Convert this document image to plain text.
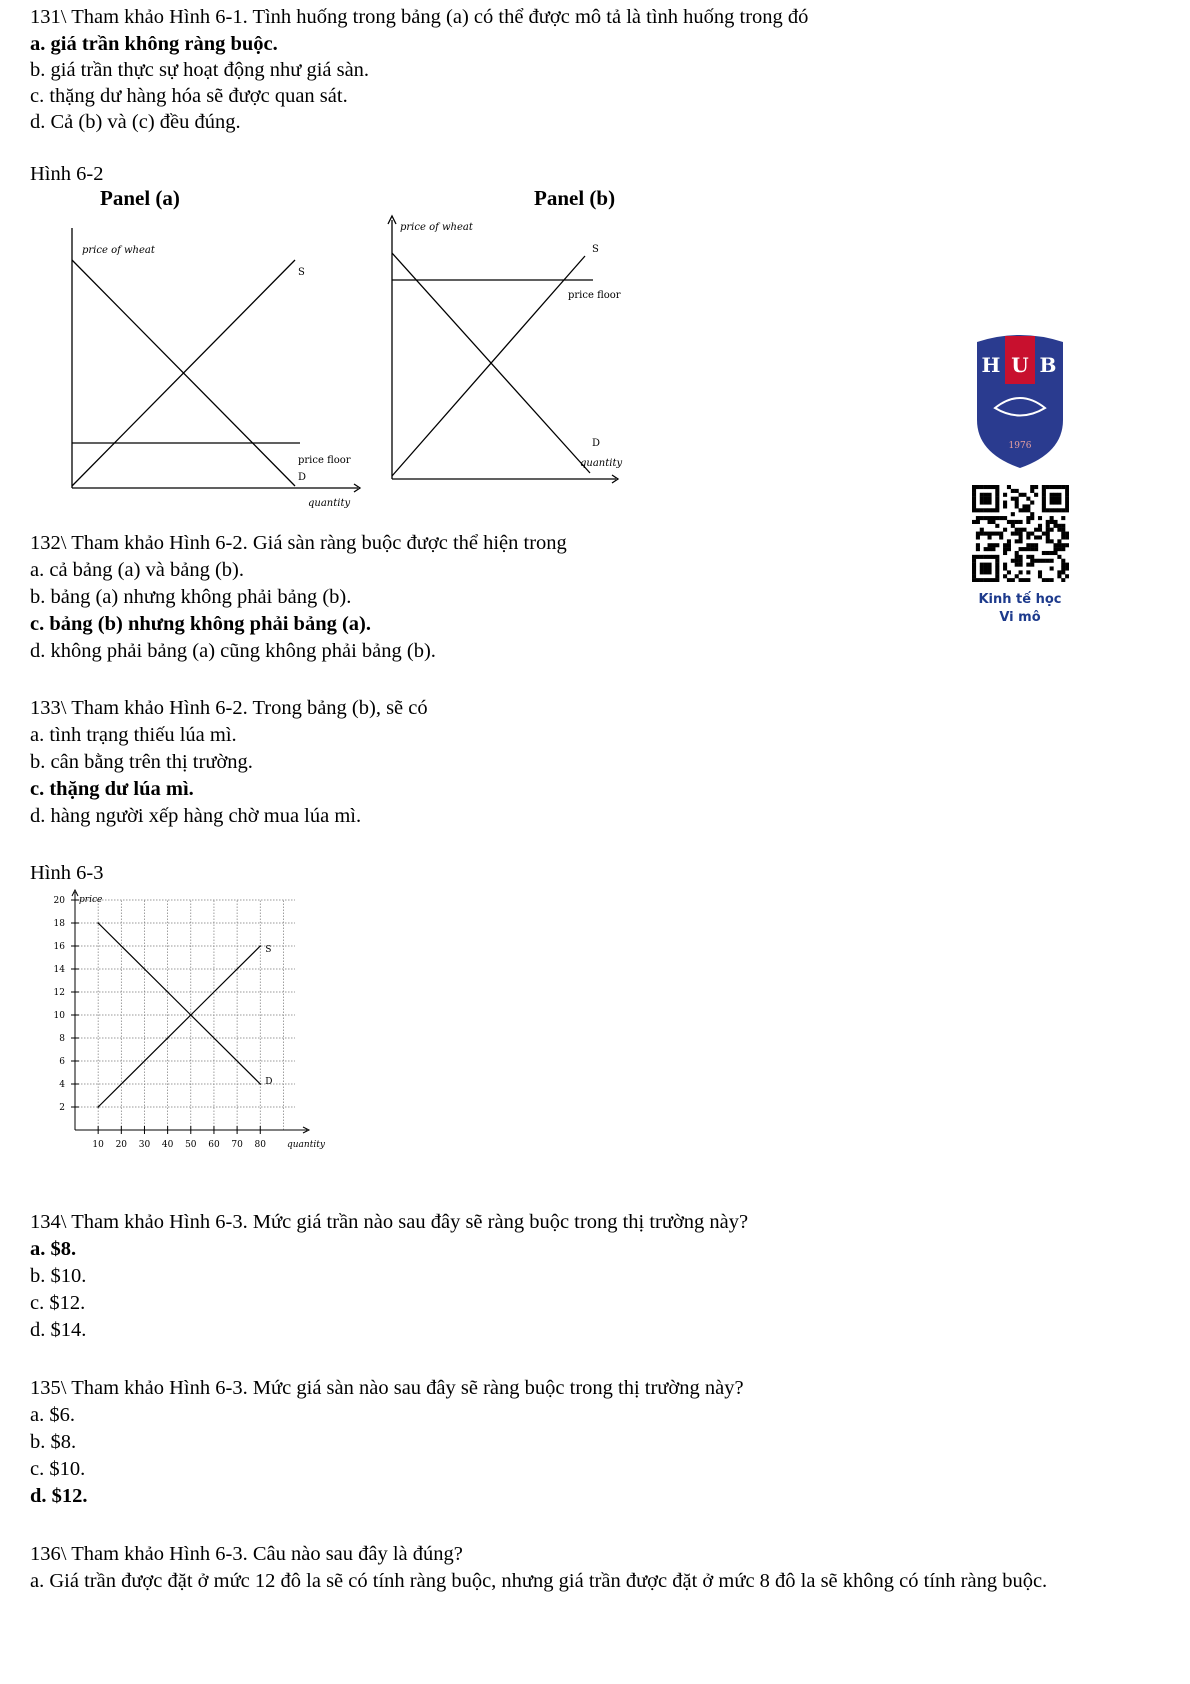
131\ Tham khảo Hình 6-1. Tình huống trong bảng (a) có thể được mô tả là tình huống trong đó

a. giá trần không ràng buộc.

b. giá trần thực sự hoạt động như giá sàn.

c. thặng dư hàng hóa sẽ được quan sát.

d. Cả (b) và (c) đều đúng.

Hình 6-2

Panel (a)	Panel (b)
price of wheat
S
price floor
D
quantity
price of wheat
S
price floor
D
quantity
H U B
1976
Kinh tế học
Vi mô

132\ Tham khảo Hình 6-2. Giá sàn ràng buộc được thể hiện trong

a. cả bảng (a) và bảng (b).

b. bảng (a) nhưng không phải bảng (b).

c. bảng (b) nhưng không phải bảng (a).

d. không phải bảng (a) cũng không phải bảng (b).

133\ Tham khảo Hình 6-2. Trong bảng (b), sẽ có

a. tình trạng thiếu lúa mì.

b. cân bằng trên thị trường.

c. thặng dư lúa mì.

d. hàng người xếp hàng chờ mua lúa mì.

Hình 6-3

2
4
6
8
10
12
14
16
18
20
10 20 30 40 50 60 70 80
price
quantity
S
D

134\ Tham khảo Hình 6-3. Mức giá trần nào sau đây sẽ ràng buộc trong thị trường này?

a. $8.

b. $10.

c. $12.

d. $14.

135\ Tham khảo Hình 6-3. Mức giá sàn nào sau đây sẽ ràng buộc trong thị trường này?

a. $6.

b. $8.

c. $10.

d. $12.

136\ Tham khảo Hình 6-3. Câu nào sau đây là đúng?

a. Giá trần được đặt ở mức 12 đô la sẽ có tính ràng buộc, nhưng giá trần được đặt ở mức 8 đô la sẽ không có tính ràng buộc.
